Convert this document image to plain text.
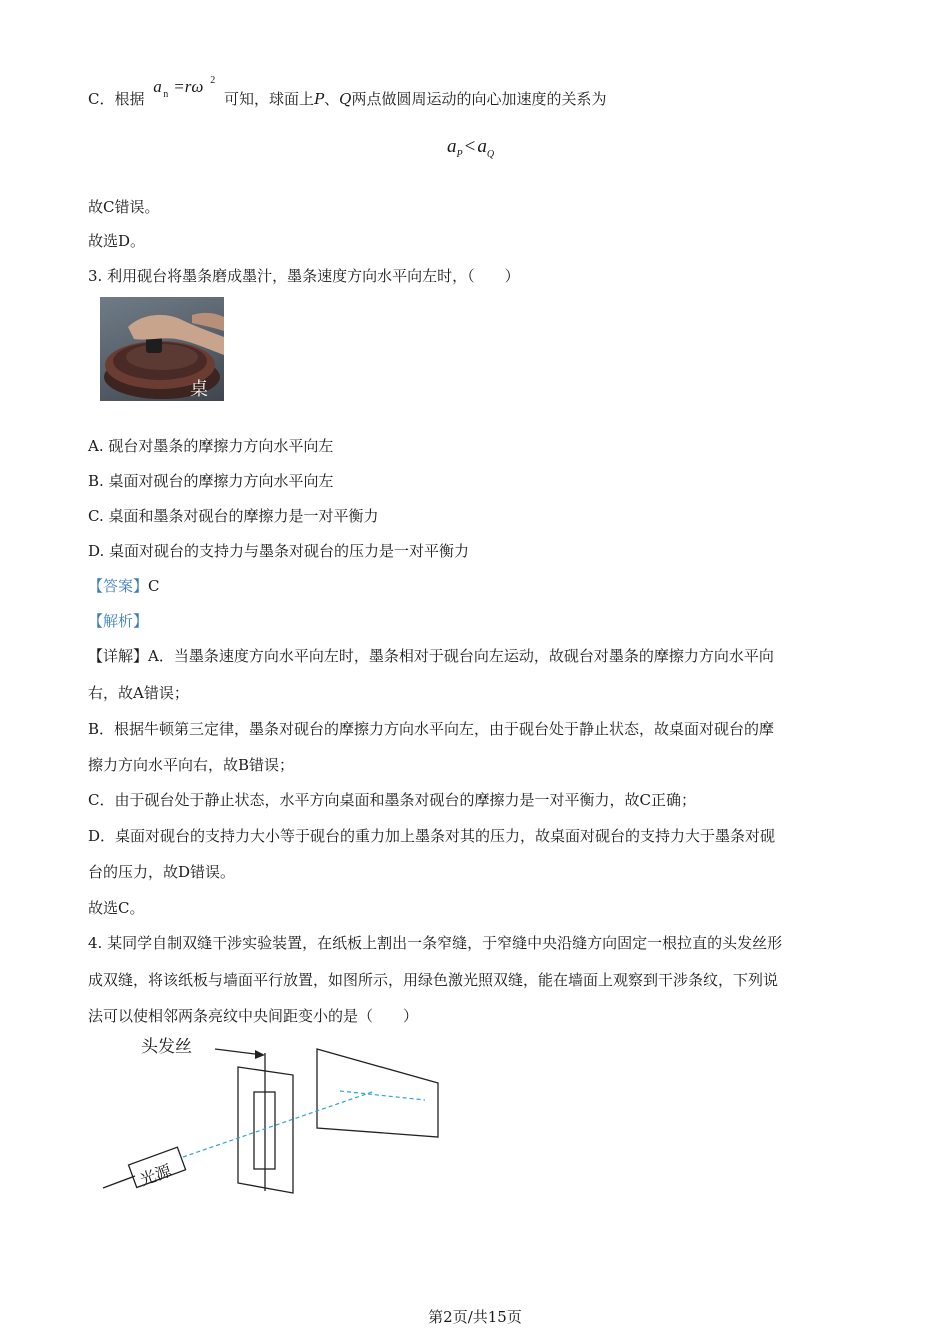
C．根据
a n =rω 2
可知，球面上P、Q两点做圆周运动的向心加速度的关系为
$a_P < a_Q$
故C错误。
故选D。
3. 利用砚台将墨条磨成墨汁，墨条速度方向水平向左时，（　　）
桌
A. 砚台对墨条的摩擦力方向水平向左
B. 桌面对砚台的摩擦力方向水平向左
C. 桌面和墨条对砚台的摩擦力是一对平衡力
D. 桌面对砚台的支持力与墨条对砚台的压力是一对平衡力
【答案】C
【解析】
【详解】A．当墨条速度方向水平向左时，墨条相对于砚台向左运动，故砚台对墨条的摩擦力方向水平向
右，故A错误；
B．根据牛顿第三定律，墨条对砚台的摩擦力方向水平向左，由于砚台处于静止状态，故桌面对砚台的摩
擦力方向水平向右，故B错误；
C．由于砚台处于静止状态，水平方向桌面和墨条对砚台的摩擦力是一对平衡力，故C正确；
D．桌面对砚台的支持力大小等于砚台的重力加上墨条对其的压力，故桌面对砚台的支持力大于墨条对砚
台的压力，故D错误。
故选C。
4. 某同学自制双缝干涉实验装置，在纸板上割出一条窄缝，于窄缝中央沿缝方向固定一根拉直的头发丝形
成双缝，将该纸板与墙面平行放置，如图所示，用绿色激光照双缝，能在墙面上观察到干涉条纹，下列说
法可以使相邻两条亮纹中央间距变小的是（　　）
头发丝
光源
第2页/共15页
